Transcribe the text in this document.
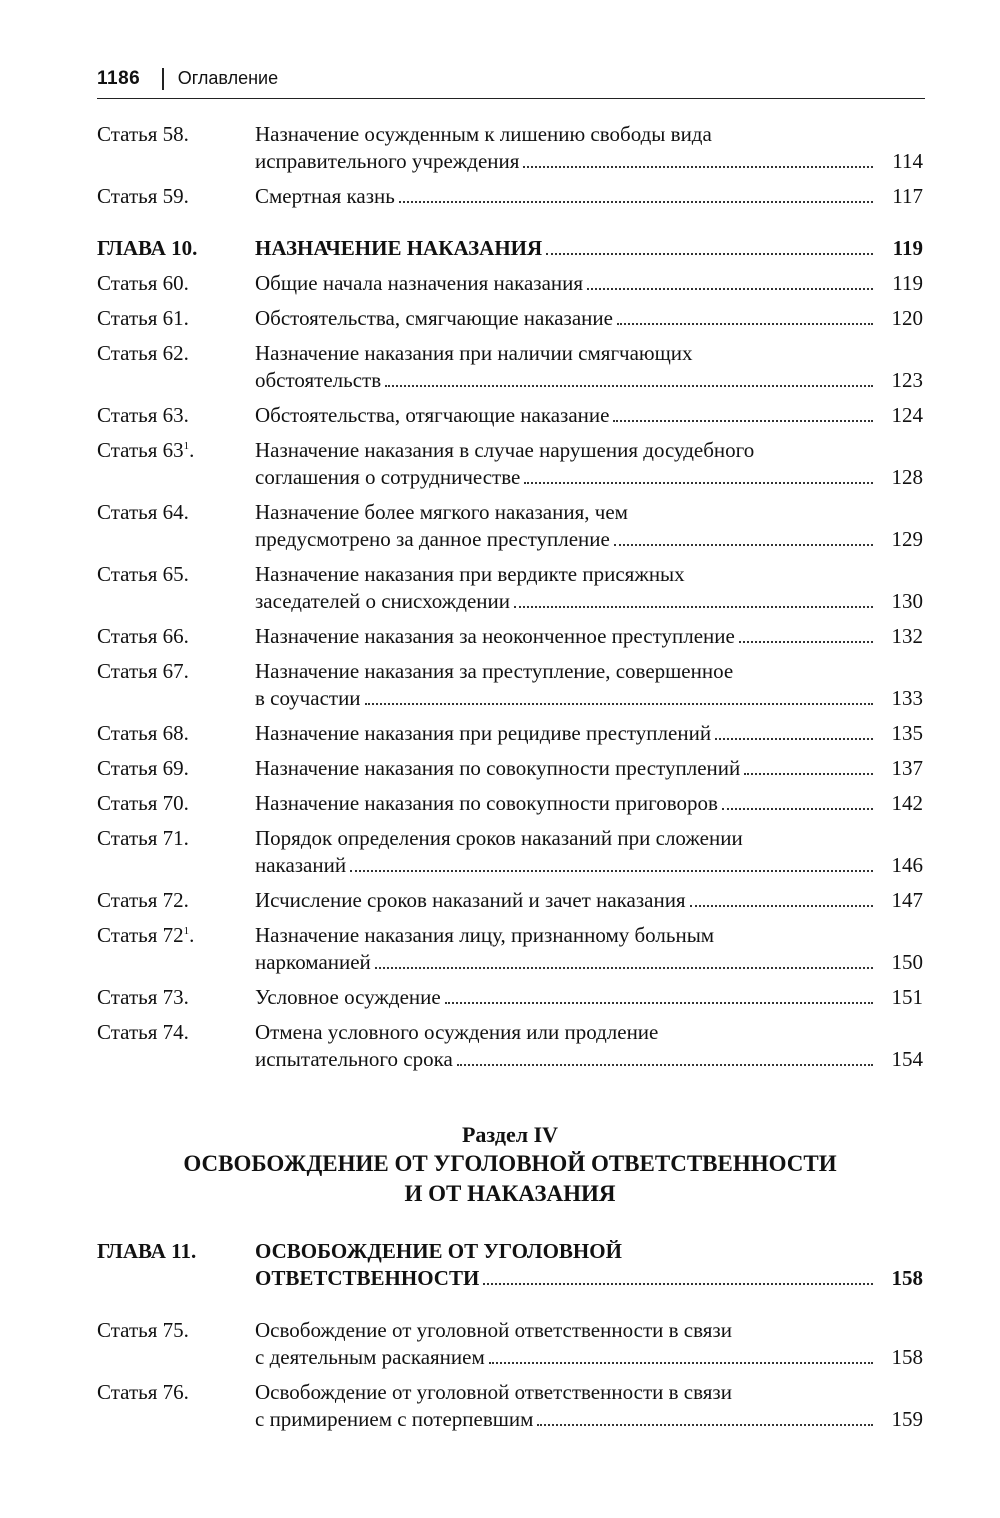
1186 Оглавление
Статья 58.	Назначение осужденным к лишению свободы вида
исправительного учреждения	114
Статья 59.	Смертная казнь	117
ГЛАВА 10.	НАЗНАЧЕНИЕ НАКАЗАНИЯ	119
Статья 60.	Общие начала назначения наказания	119
Статья 61.	Обстоятельства, смягчающие наказание	120
Статья 62.	Назначение наказания при наличии смягчающих
обстоятельств	123
Статья 63.	Обстоятельства, отягчающие наказание	124
Статья $63^1$.	Назначение наказания в случае нарушения досудебного
соглашения о сотрудничестве	128
Статья 64.	Назначение более мягкого наказания, чем
предусмотрено за данное преступление	129
Статья 65.	Назначение наказания при вердикте присяжных
заседателей о снисхождении	130
Статья 66.	Назначение наказания за неоконченное преступление	132
Статья 67.	Назначение наказания за преступление, совершенное
в соучастии	133
Статья 68.	Назначение наказания при рецидиве преступлений	135
Статья 69.	Назначение наказания по совокупности преступлений	137
Статья 70.	Назначение наказания по совокупности приговоров	142
Статья 71.	Порядок определения сроков наказаний при сложении
наказаний	146
Статья 72.	Исчисление сроков наказаний и зачет наказания	147
Статья $72^1$.	Назначение наказания лицу, признанному больным
наркоманией	150
Статья 73.	Условное осуждение	151
Статья 74.	Отмена условного осуждения или продление
испытательного срока	154
Раздел IV
ОСВОБОЖДЕНИЕ ОТ УГОЛОВНОЙ ОТВЕТСТВЕННОСТИ
И ОТ НАКАЗАНИЯ
ГЛАВА 11.	ОСВОБОЖДЕНИЕ ОТ УГОЛОВНОЙ
ОТВЕТСТВЕННОСТИ	158
Статья 75.	Освобождение от уголовной ответственности в связи
с деятельным раскаянием	158
Статья 76.	Освобождение от уголовной ответственности в связи
с примирением с потерпевшим	159
